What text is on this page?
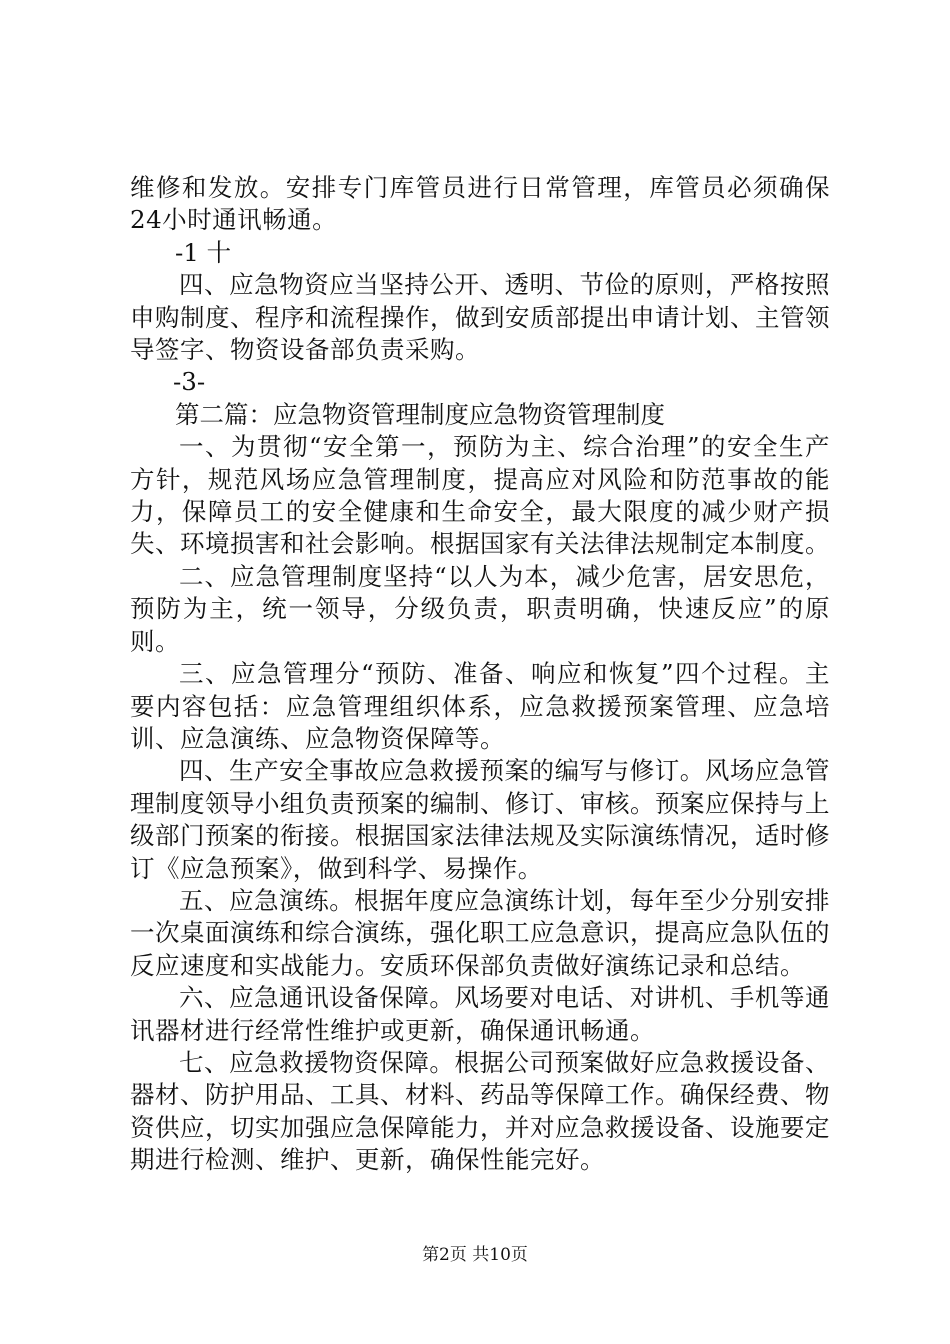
维修和发放。安排专门库管员进行日常管理，库管员必须确保24小时通讯畅通。

-1 十

四、应急物资应当坚持公开、透明、节俭的原则，严格按照申购制度、程序和流程操作，做到安质部提出申请计划、主管领导签字、物资设备部负责采购。

-3-

第二篇：应急物资管理制度应急物资管理制度

一、为贯彻“安全第一，预防为主、综合治理”的安全生产方针，规范风场应急管理制度，提高应对风险和防范事故的能力，保障员工的安全健康和生命安全，最大限度的减少财产损失、环境损害和社会影响。根据国家有关法律法规制定本制度。

二、应急管理制度坚持“以人为本，减少危害，居安思危，预防为主，统一领导，分级负责，职责明确，快速反应”的原则。

三、应急管理分“预防、准备、响应和恢复”四个过程。主要内容包括：应急管理组织体系，应急救援预案管理、应急培训、应急演练、应急物资保障等。

四、生产安全事故应急救援预案的编写与修订。风场应急管理制度领导小组负责预案的编制、修订、审核。预案应保持与上级部门预案的衔接。根据国家法律法规及实际演练情况，适时修订《应急预案》，做到科学、易操作。

五、应急演练。根据年度应急演练计划，每年至少分别安排一次桌面演练和综合演练，强化职工应急意识，提高应急队伍的反应速度和实战能力。安质环保部负责做好演练记录和总结。

六、应急通讯设备保障。风场要对电话、对讲机、手机等通讯器材进行经常性维护或更新，确保通讯畅通。

七、应急救援物资保障。根据公司预案做好应急救援设备、器材、防护用品、工具、材料、药品等保障工作。确保经费、物资供应，切实加强应急保障能力，并对应急救援设备、设施要定期进行检测、维护、更新，确保性能完好。

第2页 共10页
